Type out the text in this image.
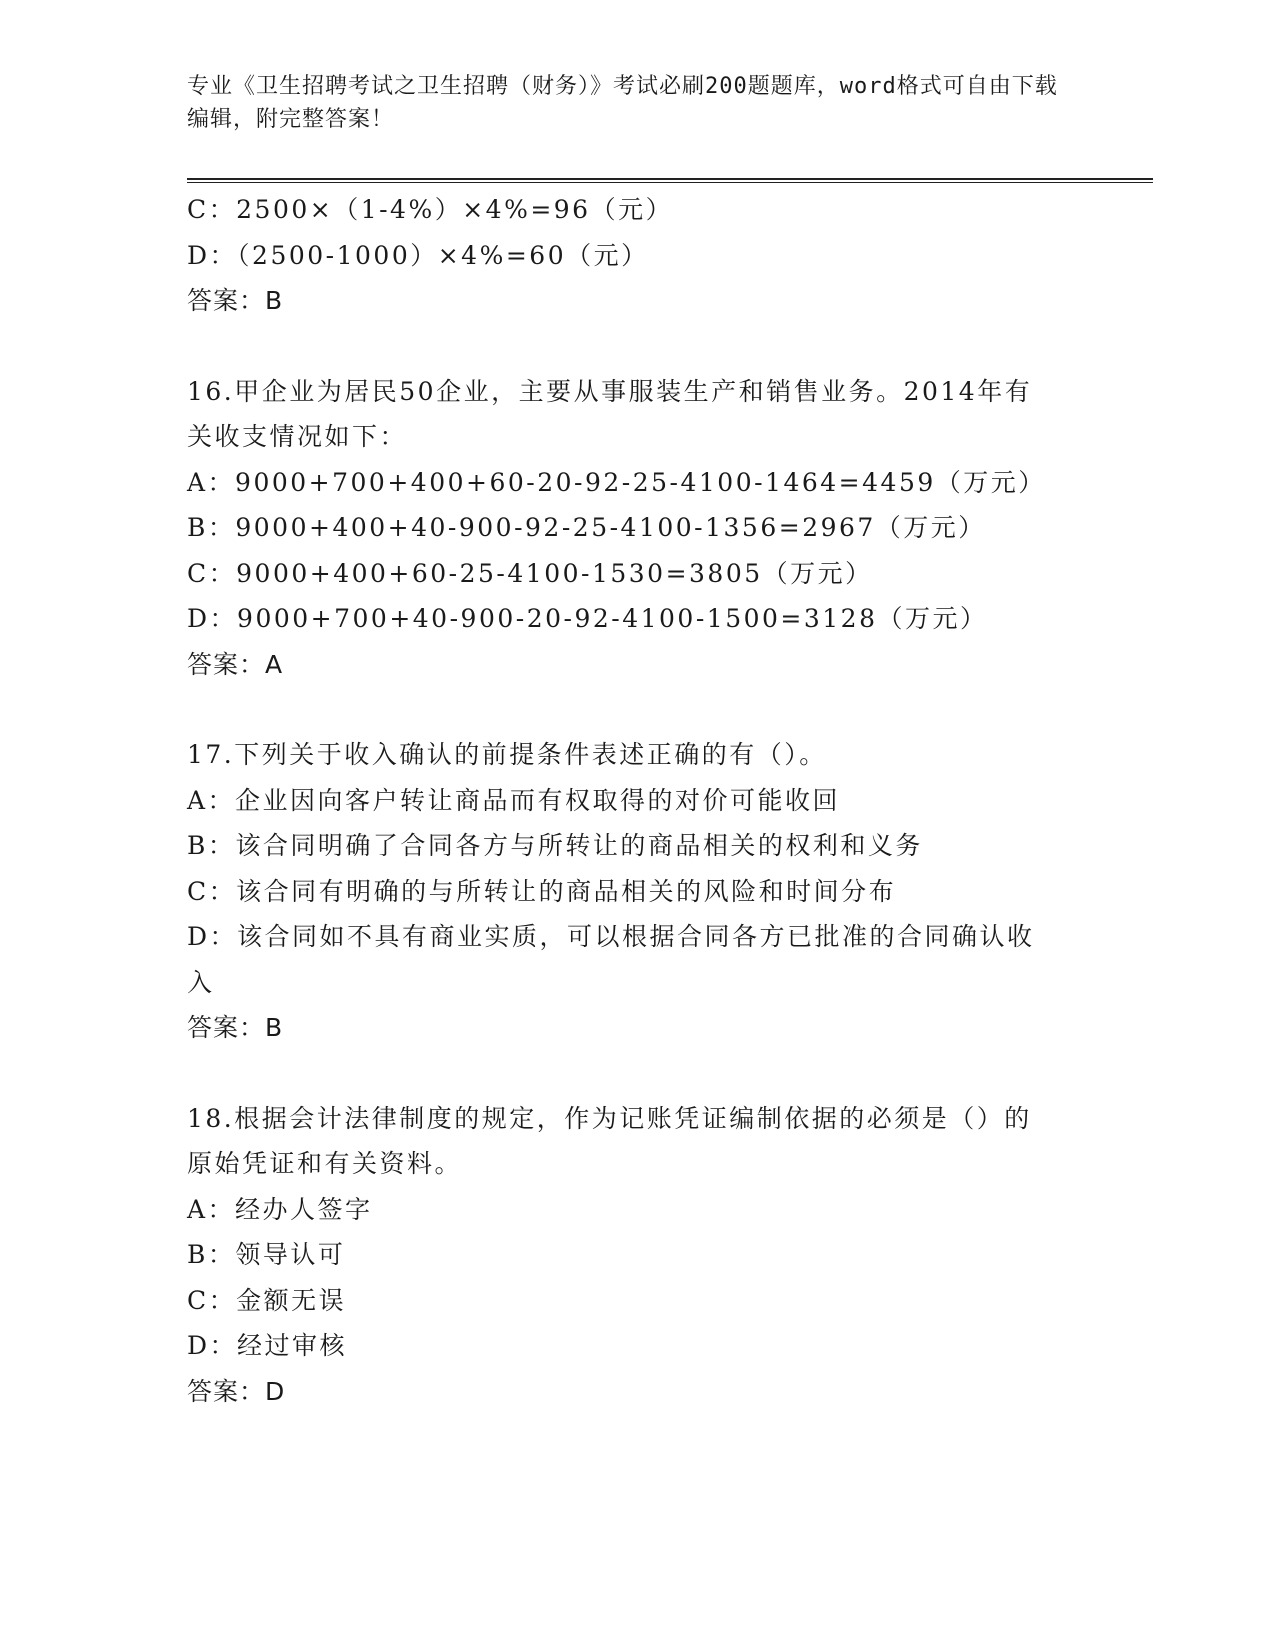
专业《卫生招聘考试之卫生招聘（财务）》考试必刷200题题库，word格式可自由下载编辑，附完整答案！
C：2500×（1-4%）×4%=96（元）
D：（2500-1000）×4%=60（元）
答案：B
16.甲企业为居民50企业，主要从事服装生产和销售业务。2014年有
关收支情况如下：
A：9000+700+400+60-20-92-25-4100-1464=4459（万元）
B：9000+400+40-900-92-25-4100-1356=2967（万元）
C：9000+400+60-25-4100-1530=3805（万元）
D：9000+700+40-900-20-92-4100-1500=3128（万元）
答案：A
17.下列关于收入确认的前提条件表述正确的有（）。
A：企业因向客户转让商品而有权取得的对价可能收回
B：该合同明确了合同各方与所转让的商品相关的权利和义务
C：该合同有明确的与所转让的商品相关的风险和时间分布
D：该合同如不具有商业实质，可以根据合同各方已批准的合同确认收
入
答案：B
18.根据会计法律制度的规定，作为记账凭证编制依据的必须是（）的
原始凭证和有关资料。
A：经办人签字
B：领导认可
C：金额无误
D：经过审核
答案：D
